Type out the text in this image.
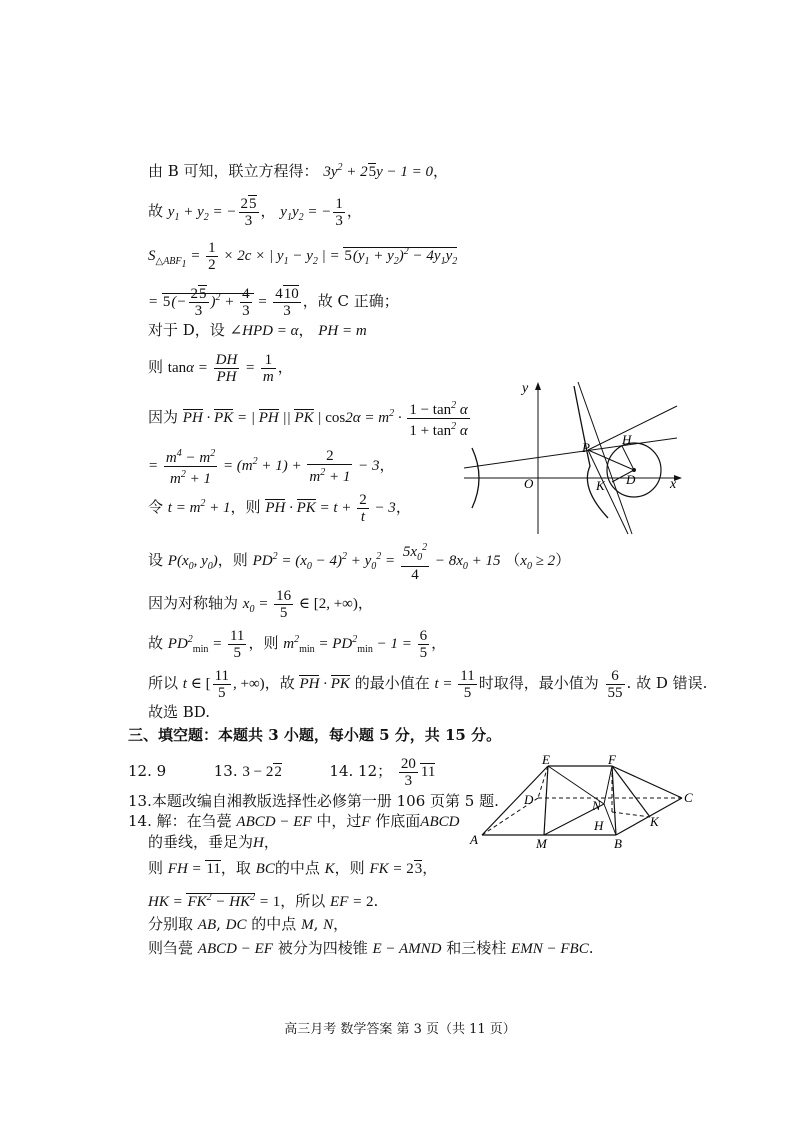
由 B 可知，联立方程得： $3y^2 + 25y - 1 = 0$，
故 $y_1 + y_2$ = − $\frac{25}{3}$ ， $y_1y_2$ = − $\frac{1}{3}$ ，
$S_{\triangle ABF_1} = \frac{1}{2} \times 2c$ × | $y_1 - y_2$ | = $5(y_1 + y_2)^2 - 4y_1y_2$
= $5(- \frac{25}{3} )^2 + \frac{4}{3} = \frac{410}{3}$ ，故 C 正确；
对于 D，设 ∠HPD = α， PH = m
则 $\tan\alpha = \frac{DH}{PH} = \frac{1}{m}$ ，
因为 PH · PK = | PH || PK | $\cos 2\alpha = m^2 \cdot \frac{1 - \tan^2 \alpha}{1 + \tan^2 \alpha}$
= $\frac{m^4 - m^2}{m^2 + 1} = (m^2 + 1) + \frac{2}{m^2 + 1} - 3$，
令 $t = m^2 + 1$，则 PH · PK = $t + \frac{2}{t} - 3$，
设 $P(x_0$, $y_0$)，则 $PD^2 = (x_0 - 4)^2 + y_0^2 = \frac{5x_0^2}{4} - 8x_0 + 15$ $(x_0 \ge 2)$
因为对称轴为 $x_0 = \frac{16}{5}$ ∈ [2, +∞)，
故 $PD^2_{min} = \frac{11}{5}$ ，则 $m^2_{min} = PD^2_{min} - 1 = \frac{6}{5}$ ，
所以 t ∈ [ $\frac{11}{5}$ , +∞)，故 PH · PK 的最小值在 $t = \frac{11}{5}$ 时取得，最小值为 $\frac{6}{55}$ . 故 D 错误.
故选 BD.
三、填空题：本题共 3 小题，每小题 5 分，共 15 分。
12. 9	13. 3 − 22	14. 12； $\frac{20}{3} 11$
13.本题改编自湘教版选择性必修第一册 106 页第 5 题.
14. 解：在刍甍 ABCD − EF 中，过F 作底面ABCD
的垂线，垂足为H，
则 FH = 11，取 BC的中点 K，则 FK = 23，
HK = $FK^2 - HK^2 = 1$，所以 EF = 2.
分别取 AB, DC 的中点 M, N，
则刍甍 ABCD − EF 被分为四棱锥 E − AMND 和三棱柱 EMN − FBC.
y
x
O
P
H
K D
E	F
D	N
C
H	K
A	M	B
高三月考 数学答案 第 3 页（共 11 页）
